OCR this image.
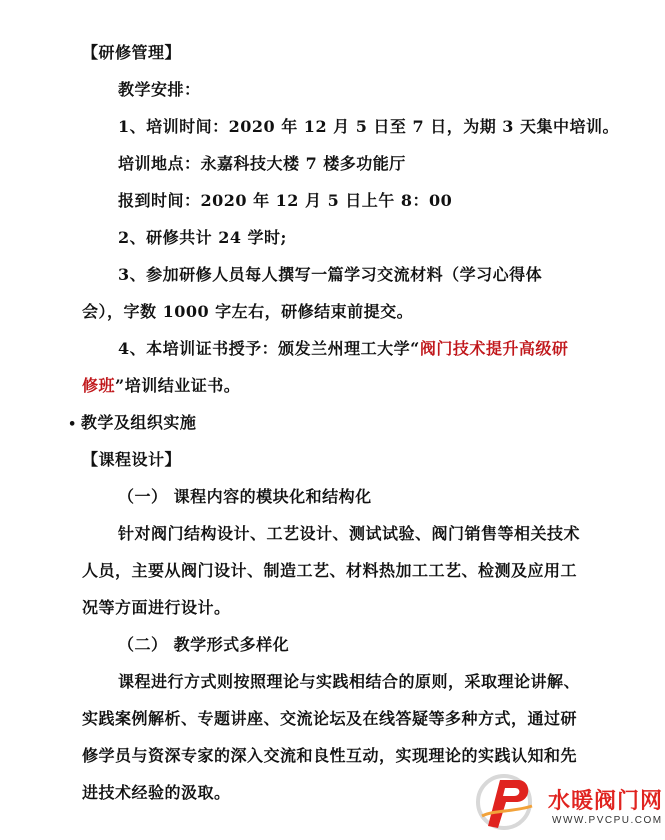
【研修管理】
教学安排：
1、培训时间：2020 年 12 月 5 日至 7 日，为期 3 天集中培训。
培训地点：永嘉科技大楼 7 楼多功能厅
报到时间：2020 年 12 月 5 日上午 8：00
2、研修共计 24 学时;
3、参加研修人员每人撰写一篇学习交流材料（学习心得体
会），字数 1000 字左右，研修结束前提交。
4、本培训证书授予：颁发兰州理工大学“阀门技术提升高级研
修班”培训结业证书。
• 教学及组织实施
【课程设计】
（一） 课程内容的模块化和结构化
针对阀门结构设计、工艺设计、测试试验、阀门销售等相关技术
人员，主要从阀门设计、制造工艺、材料热加工工艺、检测及应用工
况等方面进行设计。
（二） 教学形式多样化
课程进行方式则按照理论与实践相结合的原则，采取理论讲解、
实践案例解析、专题讲座、交流论坛及在线答疑等多种方式，通过研
修学员与资深专家的深入交流和良性互动，实现理论的实践认知和先
进技术经验的汲取。	水暖阀门网
WWW.PVCPU.COM
